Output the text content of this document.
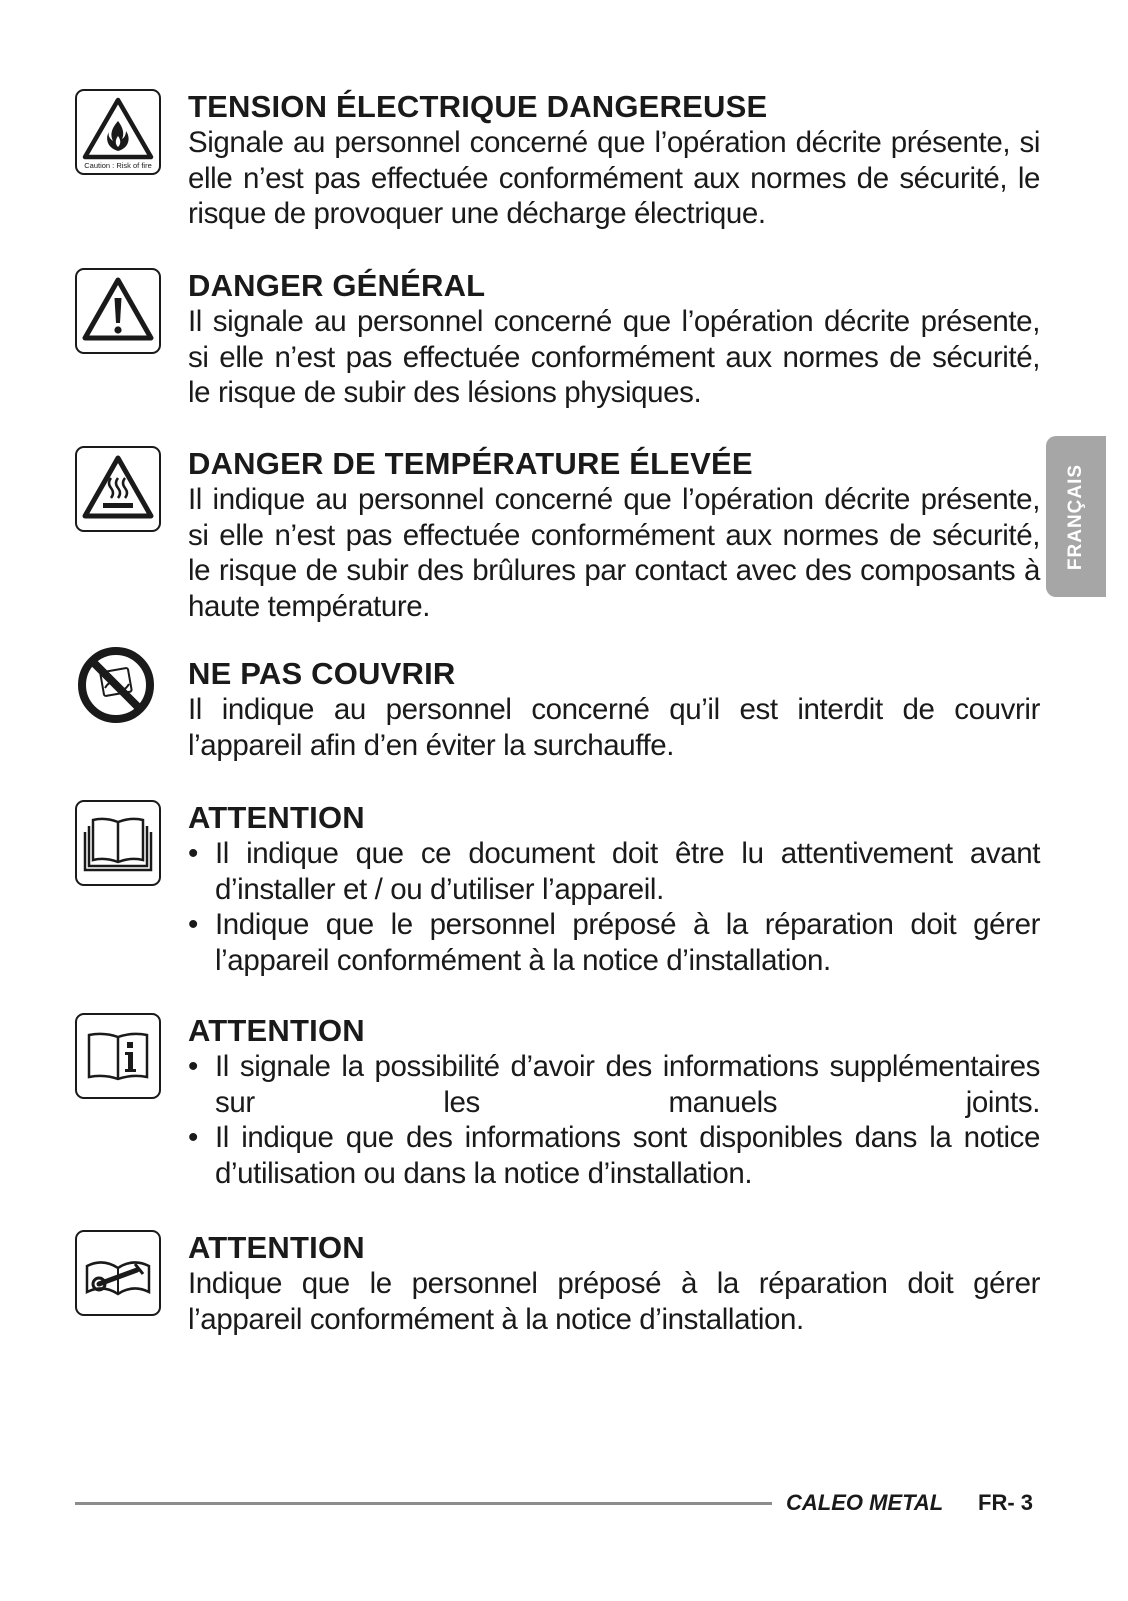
Caution : Risk of fire

TENSION ÉLECTRIQUE DANGEREUSE

Signale au personnel concerné que l’opération décrite présente, si elle n’est pas effectuée conformément aux normes de sécurité, le risque de provoquer une décharge électrique.

DANGER GÉNÉRAL

Il signale au personnel concerné que l’opération décrite présente, si elle n’est pas effectuée conformément aux normes de sécurité, le risque de subir des lésions physiques.

DANGER DE TEMPÉRATURE ÉLEVÉE

Il indique au personnel concerné que l’opération décrite présente, si elle n’est pas effectuée conformément aux normes de sécurité, le risque de subir des brûlures par contact avec des composants à haute température.

NE PAS COUVRIR

Il indique au personnel concerné qu’il est interdit de couvrir l’appareil afin d’en éviter la surchauffe.

ATTENTION

• Il indique que ce document doit être lu attentivement avant d’installer et / ou d’utiliser l’appareil.
• Indique que le personnel préposé à la réparation doit gérer l’appareil conformément à la notice d’installation.

ATTENTION

• Il signale la possibilité d’avoir des informations supplémentaires sur les manuels joints.
• Il indique que des informations sont disponibles dans la notice d’utilisation ou dans la notice d’installation.

ATTENTION

Indique que le personnel préposé à la réparation doit gérer l’appareil conformément à la notice d’installation.

FRANÇAIS
CALEO METAL FR- 3
